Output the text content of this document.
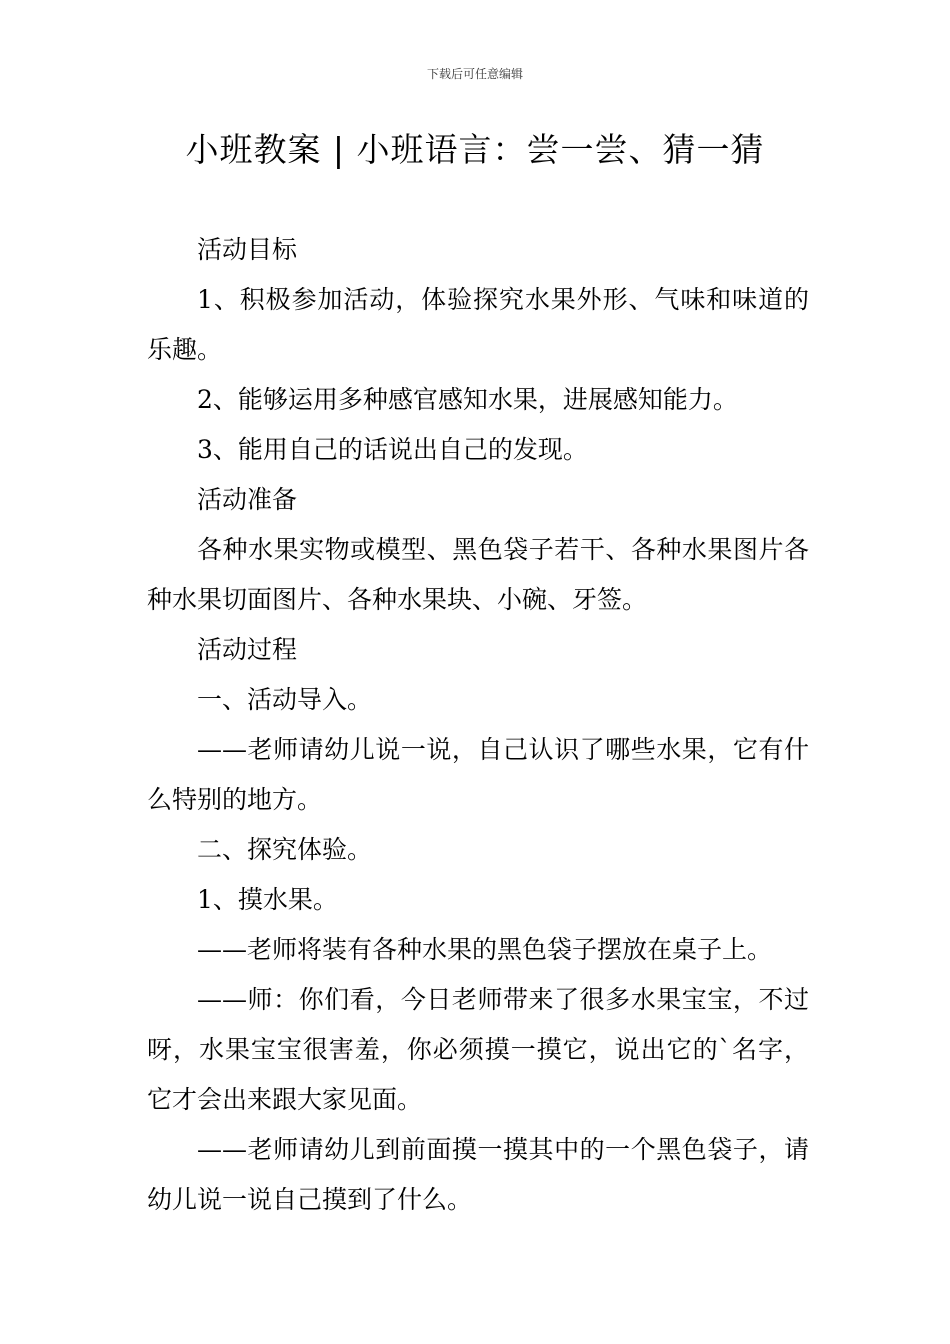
下载后可任意编辑
小班教案 | 小班语言：尝一尝、猜一猜

活动目标

1、积极参加活动，体验探究水果外形、气味和味道的乐趣。

2、能够运用多种感官感知水果，进展感知能力。

3、能用自己的话说出自己的发现。

活动准备

各种水果实物或模型、黑色袋子若干、各种水果图片各种水果切面图片、各种水果块、小碗、牙签。

活动过程

一、活动导入。

——老师请幼儿说一说，自己认识了哪些水果，它有什么特别的地方。

二、探究体验。

1、摸水果。

——老师将装有各种水果的黑色袋子摆放在桌子上。

——师：你们看，今日老师带来了很多水果宝宝，不过呀，水果宝宝很害羞，你必须摸一摸它，说出它的`名字，它才会出来跟大家见面。

——老师请幼儿到前面摸一摸其中的一个黑色袋子，请幼儿说一说自己摸到了什么。
